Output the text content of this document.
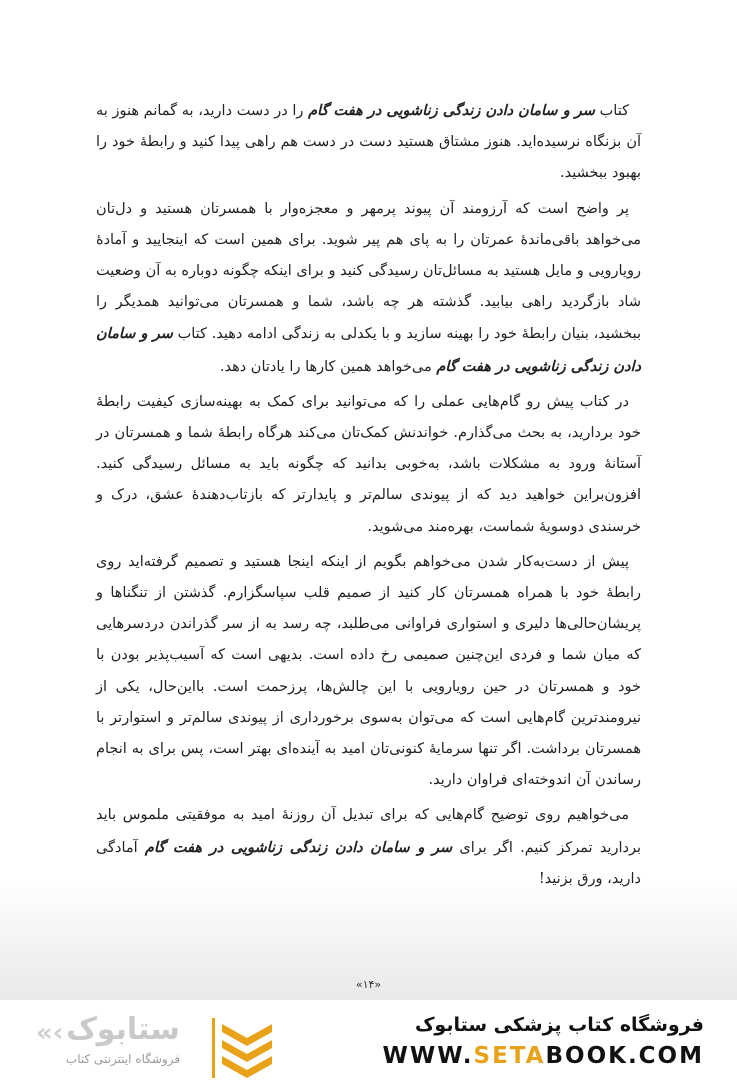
کتاب سر و سامان دادن زندگی زناشویی در هفت گام را در دست دارید، به گمانم هنوز به آن بزنگاه نرسیده‌اید. هنوز مشتاق هستید دست در دست هم راهی پیدا کنید و رابطهٔ خود را بهبود ببخشید.

پر واضح است که آرزومند آن پیوند پرمهر و معجزه‌وار با همسرتان هستید و دل‌تان می‌خواهد باقی‌ماندهٔ عمرتان را به پای هم پیر شوید. برای همین است که اینجایید و آمادهٔ رویارویی و مایل هستید به مسائل‌تان رسیدگی کنید و برای اینکه چگونه دوباره به آن وضعیت شاد بازگردید راهی بیابید. گذشته هر چه باشد، شما و همسرتان می‌توانید همدیگر را ببخشید، بنیان رابطهٔ خود را بهینه سازید و با یکدلی به زندگی ادامه دهید. کتاب سر و سامان دادن زندگی زناشویی در هفت گام می‌خواهد همین کارها را یادتان دهد.

در کتاب پیش رو گام‌هایی عملی را که می‌توانید برای کمک به بهینه‌سازی کیفیت رابطهٔ خود بردارید، به بحث می‌گذارم. خواندنش کمک‌تان می‌کند هرگاه رابطهٔ شما و همسرتان در آستانهٔ ورود به مشکلات باشد، به‌خوبی بدانید که چگونه باید به مسائل رسیدگی کنید. افزون‌براین خواهید دید که از پیوندی سالم‌تر و پایدارتر که بازتاب‌دهندهٔ عشق، درک و خرسندی دوسویهٔ شماست، بهره‌مند می‌شوید.

پیش از دست‌به‌کار شدن می‌خواهم بگویم از اینکه اینجا هستید و تصمیم گرفته‌اید روی رابطهٔ خود با همراه همسرتان کار کنید از صمیم قلب سپاسگزارم. گذشتن از تنگناها و پریشان‌حالی‌ها دلیری و استواری فراوانی می‌طلبد، چه رسد به از سر گذراندن دردسرهایی که میان شما و فردی این‌چنین صمیمی رخ داده است. بدیهی است که آسیب‌پذیر بودن با خود و همسرتان در حین رویارویی با این چالش‌ها، پرزحمت است. بااین‌حال، یکی از نیرومندترین گام‌هایی است که می‌توان به‌سوی برخورداری از پیوندی سالم‌تر و استوارتر با همسرتان برداشت. اگر تنها سرمایهٔ کنونی‌تان امید به آینده‌ای بهتر است، پس برای به انجام رساندن آن اندوخته‌ای فراوان دارید.

می‌خواهیم روی توضیح گام‌هایی که برای تبدیل آن روزنهٔ امید به موفقیتی ملموس باید بردارید تمرکز کنیم. اگر برای سر و سامان دادن زندگی زناشویی در هفت گام آمادگی دارید، ورق بزنید!

«۱۴»
«‹ ستابوک
فروشگاه اینترنتی کتاب
فروشگاه کتاب پزشکی ستابوک
WWW.SETABOOK.COM
